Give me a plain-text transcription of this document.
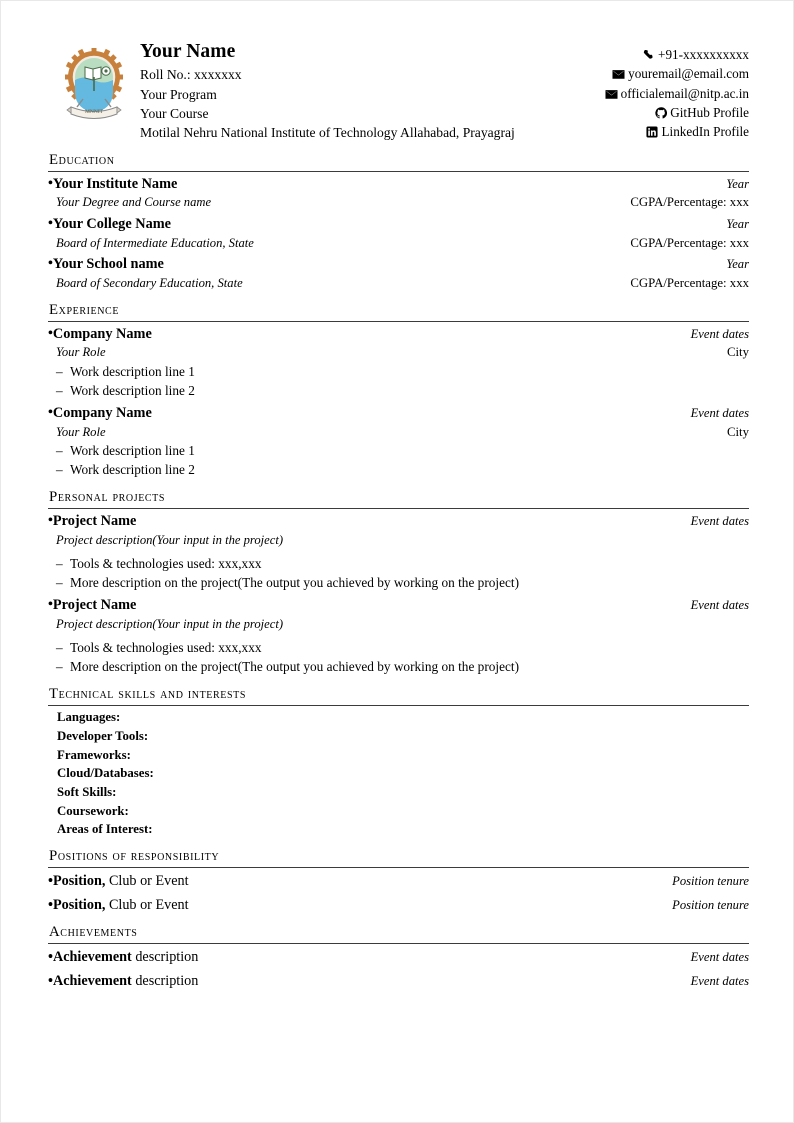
MNNIT
Your Name
Roll No.: xxxxxxx
Your Program
Your Course
Motilal Nehru National Institute of Technology Allahabad, Prayagraj
+91-xxxxxxxxxx
youremail@email.com
officialemail@nitp.ac.in
GitHub Profile
LinkedIn Profile
Education
•Your Institute Name	Year
Your Degree and Course name	CGPA/Percentage: xxx
•Your College Name	Year
Board of Intermediate Education, State	CGPA/Percentage: xxx
•Your School name	Year
Board of Secondary Education, State	CGPA/Percentage: xxx
Experience
•Company Name	Event dates
Your Role	City
– Work description line 1
– Work description line 2
•Company Name	Event dates
Your Role	City
– Work description line 1
– Work description line 2
Personal projects
•Project Name	Event dates
Project description(Your input in the project)
– Tools & technologies used: xxx,xxx
– More description on the project(The output you achieved by working on the project)
•Project Name	Event dates
Project description(Your input in the project)
– Tools & technologies used: xxx,xxx
– More description on the project(The output you achieved by working on the project)
Technical skills and interests
Languages:
Developer Tools:
Frameworks:
Cloud/Databases:
Soft Skills:
Coursework:
Areas of Interest:
Positions of responsibility
•Position, Club or Event	Position tenure
•Position, Club or Event	Position tenure
Achievements
•Achievement description	Event dates
•Achievement description	Event dates
